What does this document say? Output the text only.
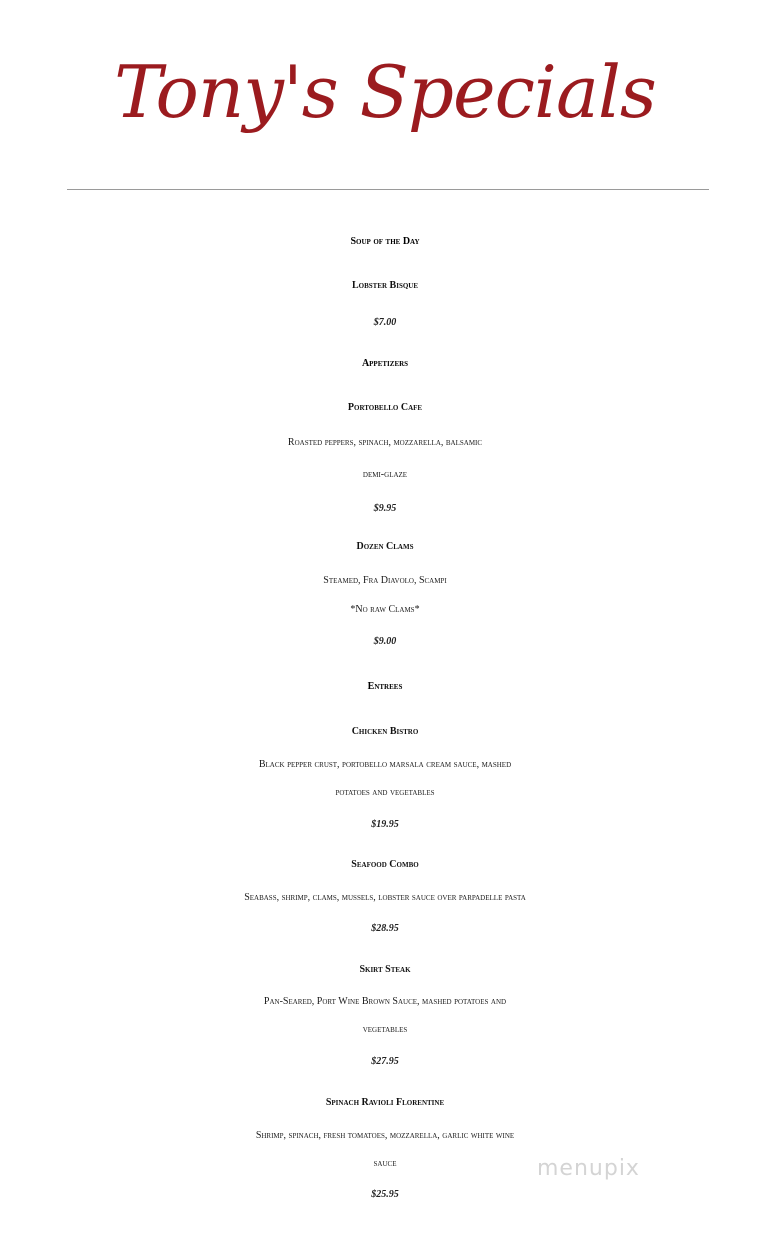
Tony's Specials
Soup of the Day
Lobster Bisque
$7.00
Appetizers
Portobello Cafe
Roasted peppers, spinach, mozzarella, balsamic
demi-glaze
$9.95
Dozen Clams
Steamed, Fra Diavolo, Scampi
*No raw Clams*
$9.00
Entrees
Chicken Bistro
Black pepper crust, portobello marsala cream sauce, mashed
potatoes and vegetables
$19.95
Seafood Combo
Seabass, shrimp, clams, mussels, lobster sauce over parpadelle pasta
$28.95
Skirt Steak
Pan-Seared, Port Wine Brown Sauce, mashed potatoes and
vegetables
$27.95
Spinach Ravioli Florentine
Shrimp, spinach, fresh tomatoes, mozzarella, garlic white wine
sauce
$25.95
menupix
